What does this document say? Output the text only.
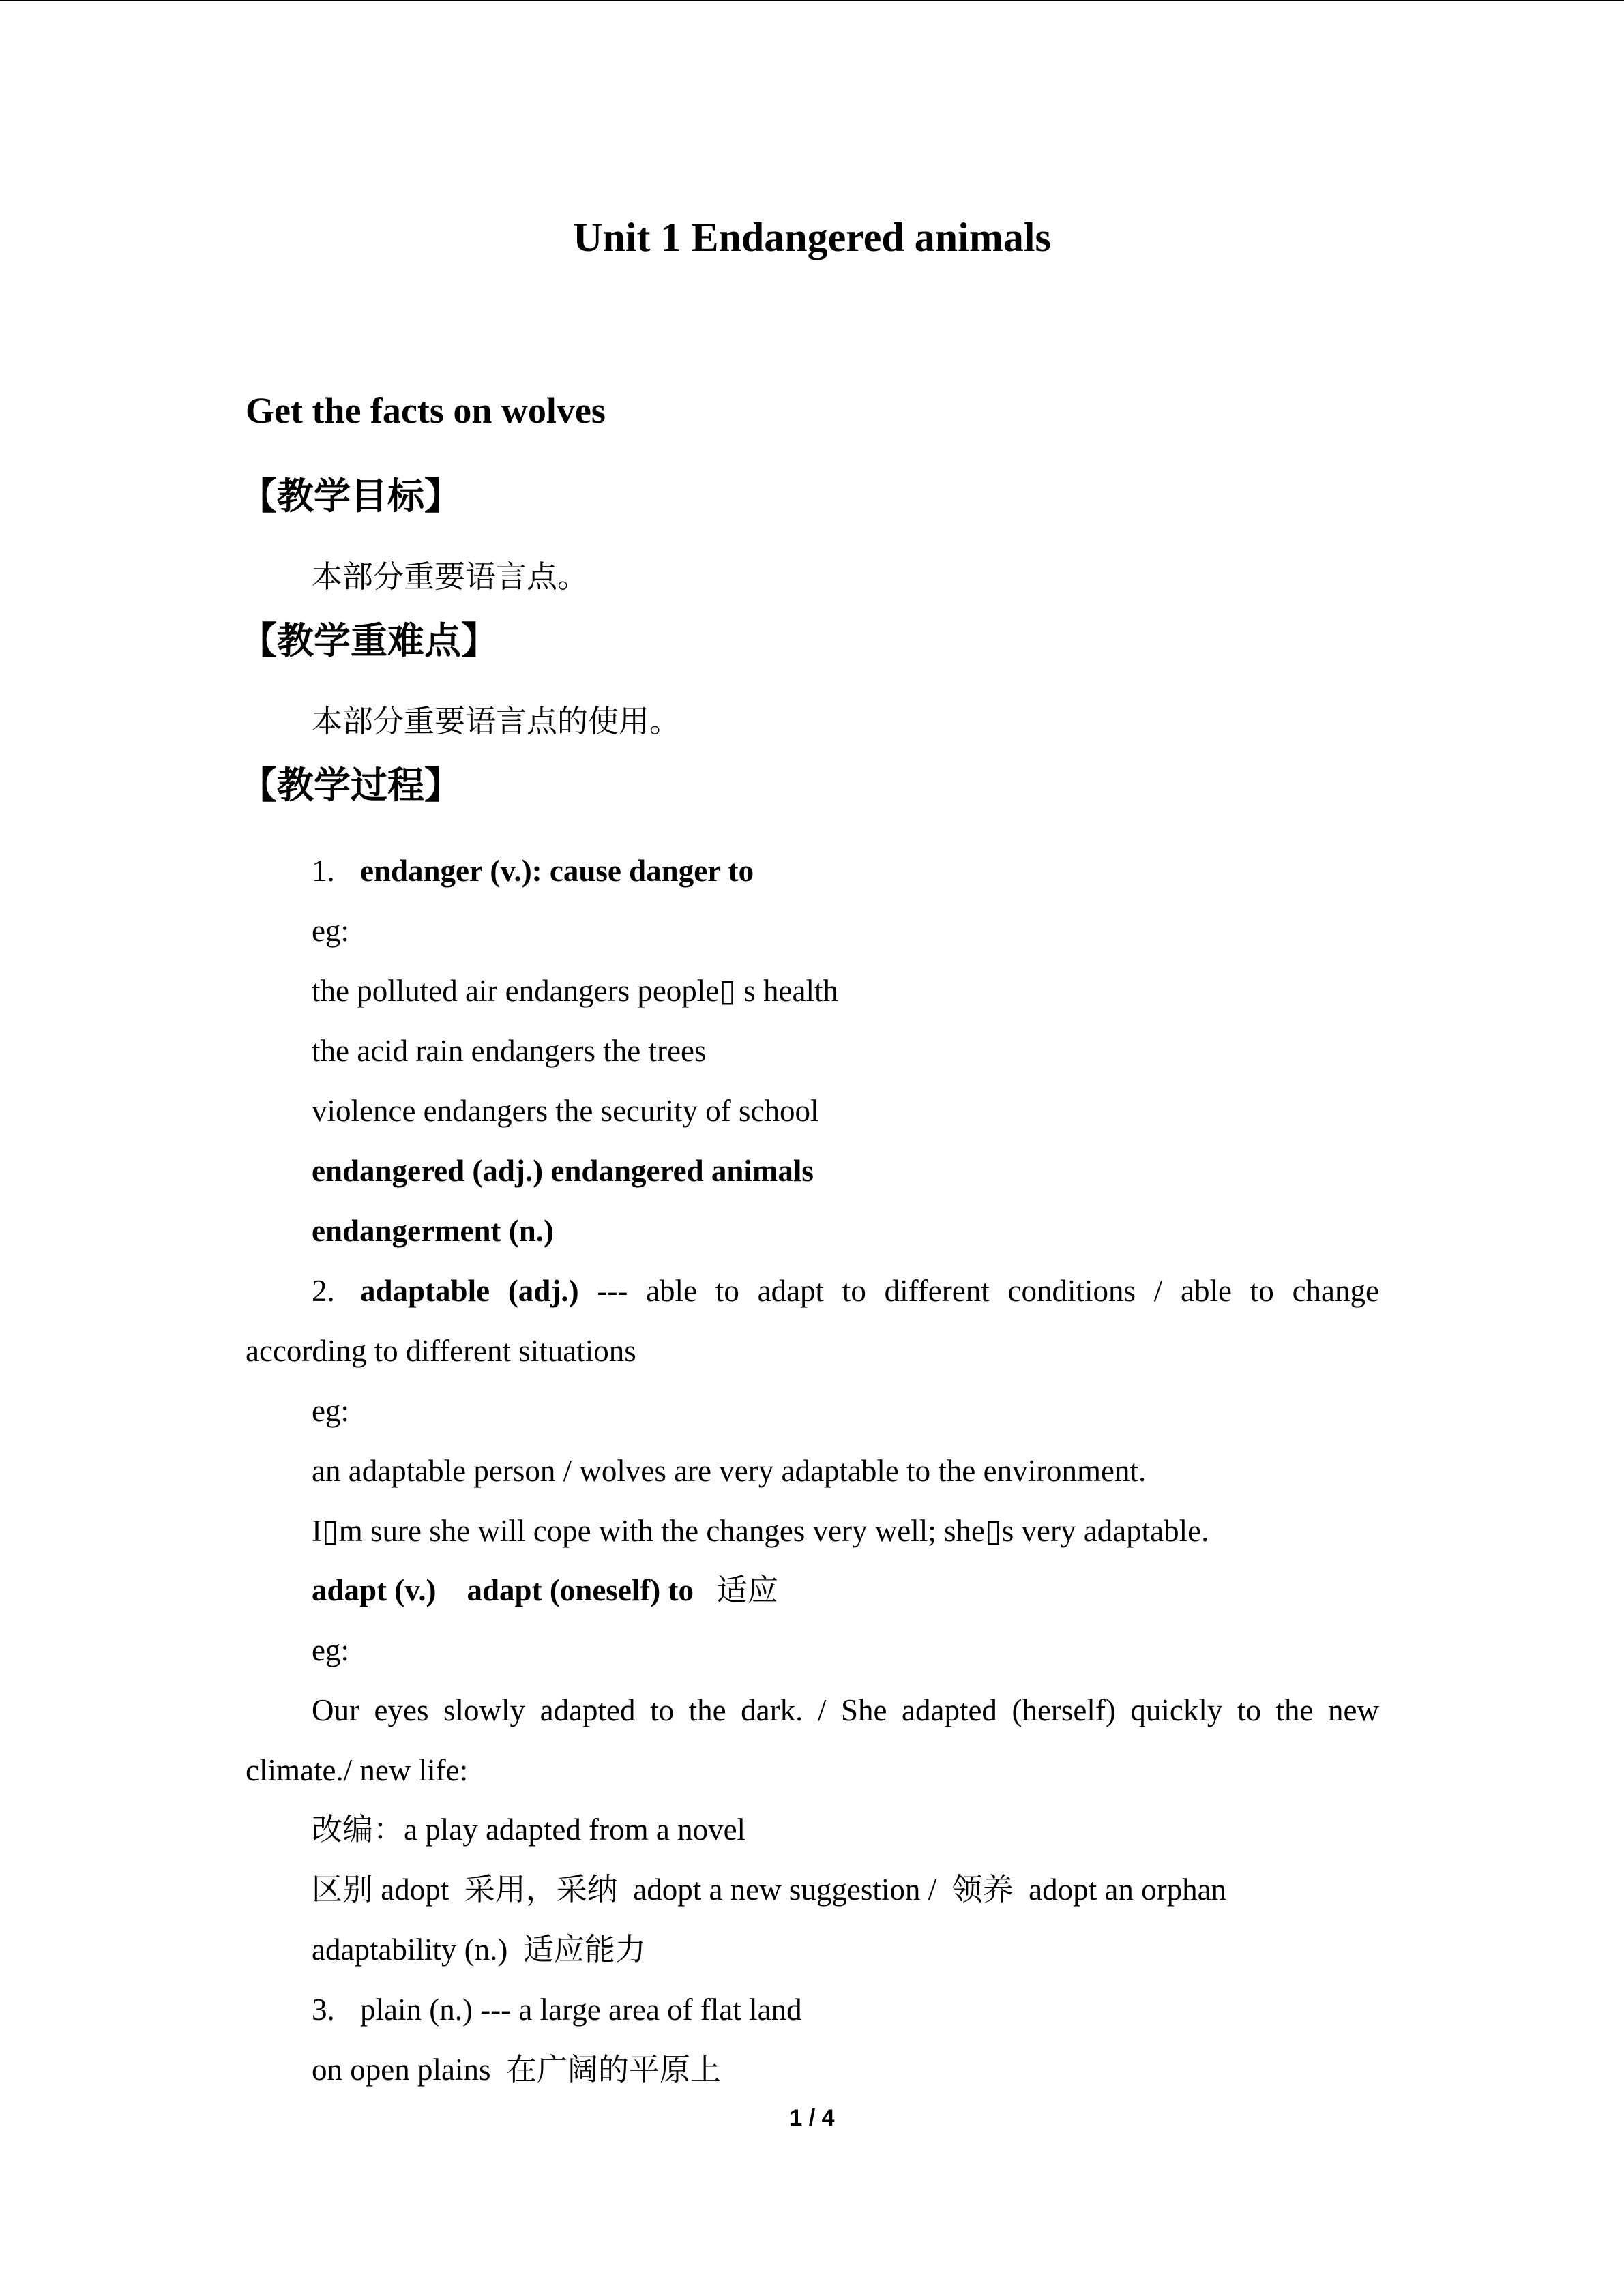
Unit 1 Endangered animals
Get the facts on wolves
【教学目标】
本部分重要语言点。
【教学重难点】
本部分重要语言点的使用。
【教学过程】
1. endanger (v.): cause danger to
eg:
the polluted air endangers people▯ s health
the acid rain endangers the trees
violence endangers the security of school
endangered (adj.) endangered animals
endangerment (n.)
2. adaptable (adj.) --- able to adapt to different conditions / able to change
according to different situations
eg:
an adaptable person / wolves are very adaptable to the environment.
I▯m sure she will cope with the changes very well; she▯s very adaptable.
adapt (v.)    adapt (oneself) to   适应
eg:
Our eyes slowly adapted to the dark. / She adapted (herself) quickly to the new
climate./ new life:
改编：a play adapted from a novel
区别 adopt  采用，采纳  adopt a new suggestion /  领养  adopt an orphan
adaptability (n.)  适应能力
3. plain (n.) --- a large area of flat land
on open plains  在广阔的平原上
1 / 4
